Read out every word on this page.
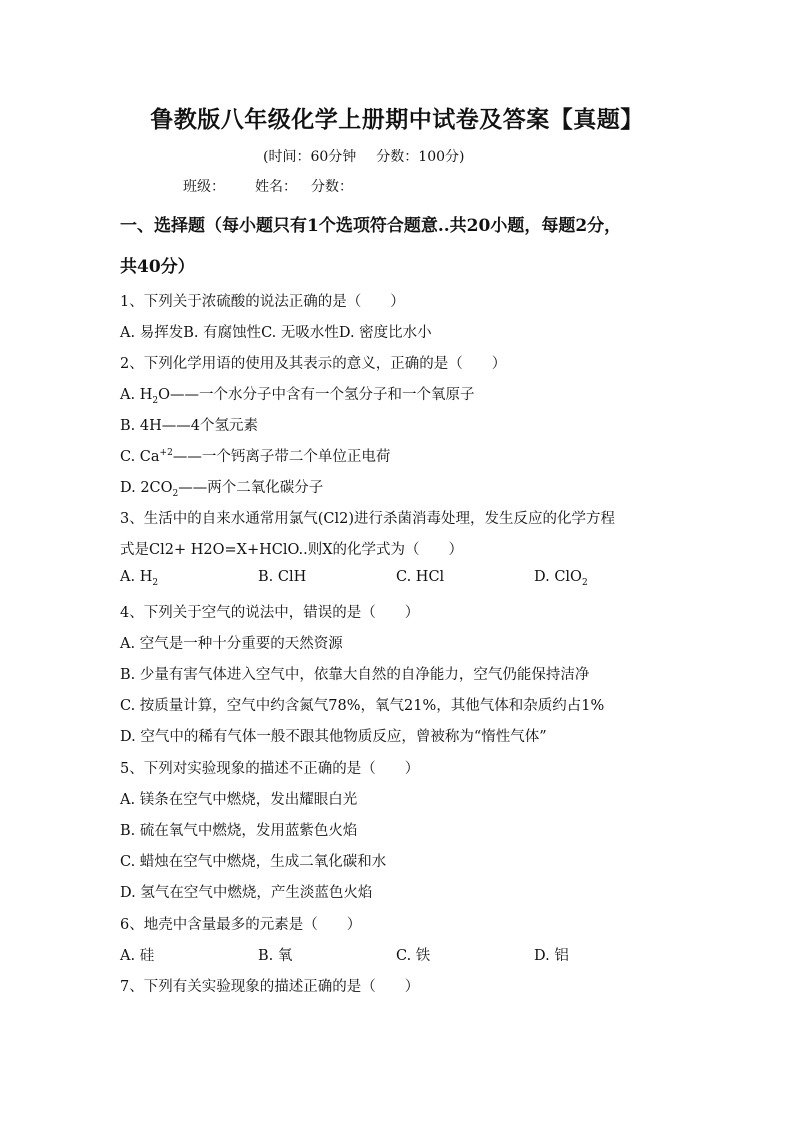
鲁教版八年级化学上册期中试卷及答案【真题】
(时间：60分钟 分数：100分)
班级： 姓名： 分数：
一、选择题（每小题只有1个选项符合题意..共20小题，每题2分，
共40分）
1、下列关于浓硫酸的说法正确的是（　　）
A. 易挥发B. 有腐蚀性C. 无吸水性D. 密度比水小
2、下列化学用语的使用及其表示的意义，正确的是（　　）
A. $H_2O——$一个水分子中含有一个氢分子和一个氧原子
B. 4H——4个氢元素
C. $Ca^{+2}——$一个钙离子带二个单位正电荷
D. $2CO_2——$两个二氧化碳分子
3、生活中的自来水通常用氯气(Cl2)进行杀菌消毒处理，发生反应的化学方程
式是Cl2+ H2O=X+HClO..则X的化学式为（　　）
A. $H_2$	B. ClH	C. HCl	D. ClO$_2$
4、下列关于空气的说法中，错误的是（　　）
A. 空气是一种十分重要的天然资源
B. 少量有害气体进入空气中，依靠大自然的自净能力，空气仍能保持洁净
C. 按质量计算，空气中约含氮气78%，氧气21%，其他气体和杂质约占1%
D. 空气中的稀有气体一般不跟其他物质反应，曾被称为“惰性气体”
5、下列对实验现象的描述不正确的是（　　）
A. 镁条在空气中燃烧，发出耀眼白光
B. 硫在氧气中燃烧，发用蓝紫色火焰
C. 蜡烛在空气中燃烧，生成二氧化碳和水
D. 氢气在空气中燃烧，产生淡蓝色火焰
6、地壳中含量最多的元素是（　　）
A. 硅	B. 氧	C. 铁	D. 铝
7、下列有关实验现象的描述正确的是（　　）
